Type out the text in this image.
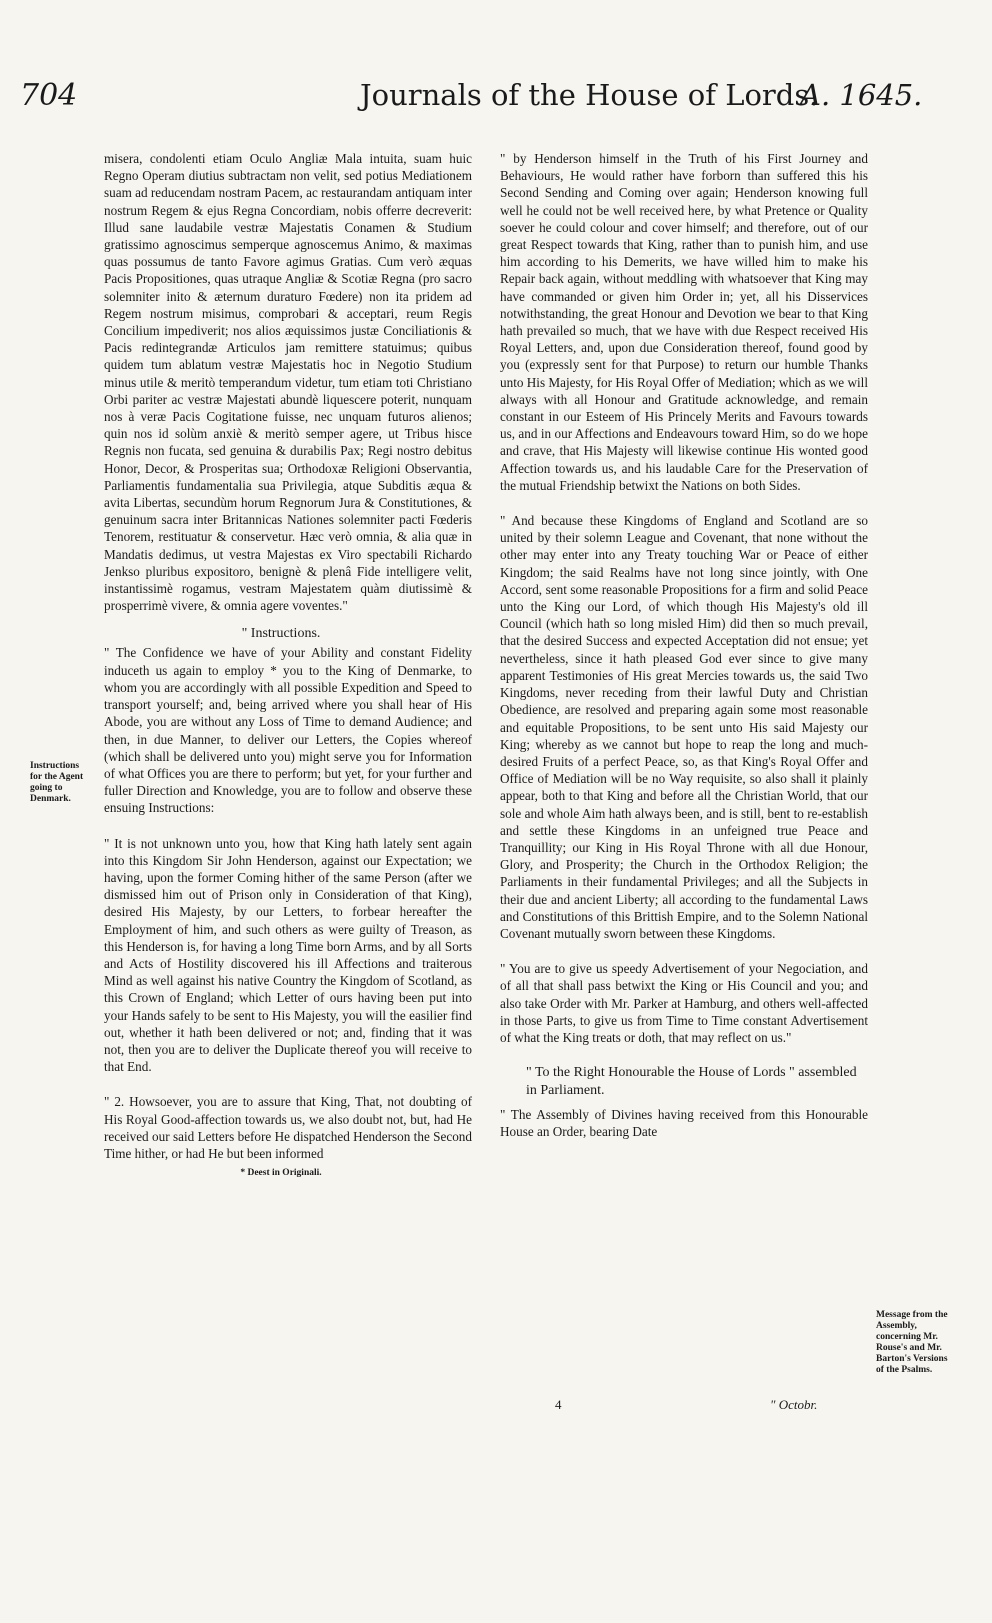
704	Journals of the House of Lords.
A. 1645.

misera, condolenti etiam Oculo Angliæ Mala intuita, suam huic Regno Operam diutius subtractam non velit, sed potius Mediationem suam ad reducendam nostram Pacem, ac restaurandam antiquam inter nostrum Regem & ejus Regna Concordiam, nobis offerre decreverit: Illud sane laudabile vestræ Majestatis Conamen & Studium gratissimo agnoscimus semperque agnoscemus Animo, & maximas quas possumus de tanto Favore agimus Gratias. Cum verò æquas Pacis Propositiones, quas utraque Angliæ & Scotiæ Regna (pro sacro solemniter inito & æternum duraturo Fœdere) non ita pridem ad Regem nostrum misimus, comprobari & acceptari, reum Regis Concilium impediverit; nos alios æquissimos justæ Conciliationis & Pacis redintegrandæ Articulos jam remittere statuimus; quibus quidem tum ablatum vestræ Majestatis hoc in Negotio Studium minus utile & meritò temperandum videtur, tum etiam toti Christiano Orbi pariter ac vestræ Majestati abundè liquescere poterit, nunquam nos à veræ Pacis Cogitatione fuisse, nec unquam futuros alienos; quin nos id solùm anxiè & meritò semper agere, ut Tribus hisce Regnis non fucata, sed genuina & durabilis Pax; Regi nostro debitus Honor, Decor, & Prosperitas sua; Orthodoxæ Religioni Observantia, Parliamentis fundamentalia sua Privilegia, atque Subditis æqua & avita Libertas, secundùm horum Regnorum Jura & Constitutiones, & genuinum sacra inter Britannicas Nationes solemniter pacti Fœderis Tenorem, restituatur & conservetur. Hæc verò omnia, & alia quæ in Mandatis dedimus, ut vestra Majestas ex Viro spectabili Richardo Jenkso pluribus expositoro, benignè & plenâ Fide intelligere velit, instantissimè rogamus, vestram Majestatem quàm diutissimè & prosperrimè vivere, & omnia agere voventes."

" Instructions.

" The Confidence we have of your Ability and constant Fidelity induceth us again to employ * you to the King of Denmarke, to whom you are accordingly with all possible Expedition and Speed to transport yourself; and, being arrived where you shall hear of His Abode, you are without any Loss of Time to demand Audience; and then, in due Manner, to deliver our Letters, the Copies whereof (which shall be delivered unto you) might serve you for Information of what Offices you are there to perform; but yet, for your further and fuller Direction and Knowledge, you are to follow and observe these ensuing Instructions:

" It is not unknown unto you, how that King hath lately sent again into this Kingdom Sir John Henderson, against our Expectation; we having, upon the former Coming hither of the same Person (after we dismissed him out of Prison only in Consideration of that King), desired His Majesty, by our Letters, to forbear hereafter the Employment of him, and such others as were guilty of Treason, as this Henderson is, for having a long Time born Arms, and by all Sorts and Acts of Hostility discovered his ill Affections and traiterous Mind as well against his native Country the Kingdom of Scotland, as this Crown of England; which Letter of ours having been put into your Hands safely to be sent to His Majesty, you will the easilier find out, whether it hath been delivered or not; and, finding that it was not, then you are to deliver the Duplicate thereof you will receive to that End.

" 2. Howsoever, you are to assure that King, That, not doubting of His Royal Good-affection towards us, we also doubt not, but, had He received our said Letters before He dispatched Henderson the Second Time hither, or had He but been informed

* Deest in Originali.
Instructions for the Agent going to Denmark.

" by Henderson himself in the Truth of his First Journey and Behaviours, He would rather have forborn than suffered this his Second Sending and Coming over again; Henderson knowing full well he could not be well received here, by what Pretence or Quality soever he could colour and cover himself; and therefore, out of our great Respect towards that King, rather than to punish him, and use him according to his Demerits, we have willed him to make his Repair back again, without meddling with whatsoever that King may have commanded or given him Order in; yet, all his Disservices notwithstanding, the great Honour and Devotion we bear to that King hath prevailed so much, that we have with due Respect received His Royal Letters, and, upon due Consideration thereof, found good by you (expressly sent for that Purpose) to return our humble Thanks unto His Majesty, for His Royal Offer of Mediation; which as we will always with all Honour and Gratitude acknowledge, and remain constant in our Esteem of His Princely Merits and Favours towards us, and in our Affections and Endeavours toward Him, so do we hope and crave, that His Majesty will likewise continue His wonted good Affection towards us, and his laudable Care for the Preservation of the mutual Friendship betwixt the Nations on both Sides.

" And because these Kingdoms of England and Scotland are so united by their solemn League and Covenant, that none without the other may enter into any Treaty touching War or Peace of either Kingdom; the said Realms have not long since jointly, with One Accord, sent some reasonable Propositions for a firm and solid Peace unto the King our Lord, of which though His Majesty's old ill Council (which hath so long misled Him) did then so much prevail, that the desired Success and expected Acceptation did not ensue; yet nevertheless, since it hath pleased God ever since to give many apparent Testimonies of His great Mercies towards us, the said Two Kingdoms, never receding from their lawful Duty and Christian Obedience, are resolved and preparing again some most reasonable and equitable Propositions, to be sent unto His said Majesty our King; whereby as we cannot but hope to reap the long and much-desired Fruits of a perfect Peace, so, as that King's Royal Offer and Office of Mediation will be no Way requisite, so also shall it plainly appear, both to that King and before all the Christian World, that our sole and whole Aim hath always been, and is still, bent to re-establish and settle these Kingdoms in an unfeigned true Peace and Tranquillity; our King in His Royal Throne with all due Honour, Glory, and Prosperity; the Church in the Orthodox Religion; the Parliaments in their fundamental Privileges; and all the Subjects in their due and ancient Liberty; all according to the fundamental Laws and Constitutions of this Brittish Empire, and to the Solemn National Covenant mutually sworn between these Kingdoms.

" You are to give us speedy Advertisement of your Negociation, and of all that shall pass betwixt the King or His Council and you; and also take Order with Mr. Parker at Hamburg, and others well-affected in those Parts, to give us from Time to Time constant Advertisement of what the King treats or doth, that may reflect on us."

" To the Right Honourable the House of Lords " assembled in Parliament.

" The Assembly of Divines having received from this Honourable House an Order, bearing Date

Message from the Assembly, concerning Mr. Rouse's and Mr. Barton's Versions of the Psalms.
4	" Octobr.
